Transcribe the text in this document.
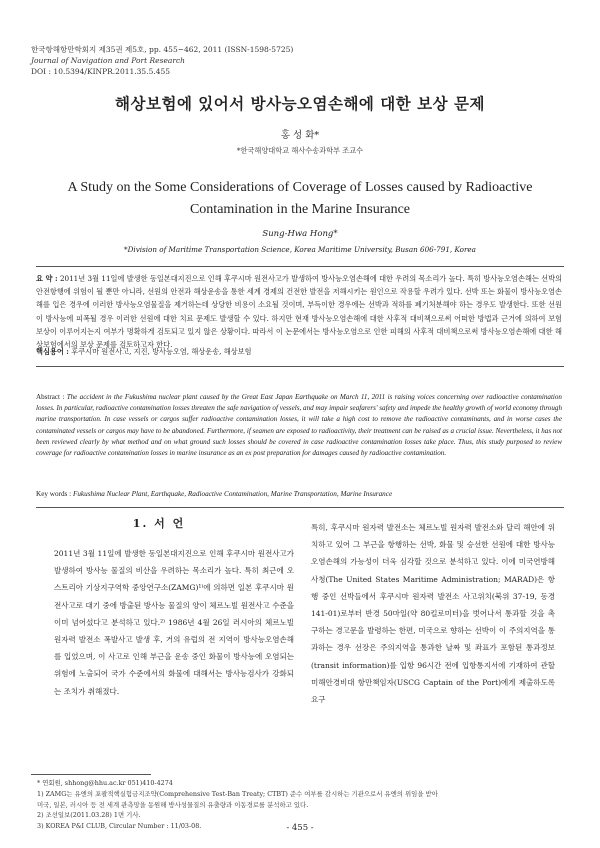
한국항해항만학회지 제35권 제5호, pp. 455~462, 2011 (ISSN-1598-5725)
Journal of Navigation and Port Research
DOI : 10.5394/KINPR.2011.35.5.455
해상보험에 있어서 방사능오염손해에 대한 보상 문제
홍 성 화*
*한국해양대학교 해사수송과학부 조교수
A Study on the Some Considerations of Coverage of Losses caused by Radioactive Contamination in the Marine Insurance
Sung-Hwa Hong*
*Division of Maritime Transportation Science, Korea Maritime University, Busan 606-791, Korea
요 약 : 2011년 3월 11일에 발생한 동일본대지진으로 인해 후쿠시마 원전사고가 발생하여 방사능오염손해에 대한 우려의 목소리가 높다. 특히 방사능오염손해는 선박의 안전항행에 위험이 될 뿐만 아니라, 선원의 안전과 해상운송을 통한 세계 경제의 건전한 발전을 저해시키는 원인으로 작용할 우려가 있다. 선박 또는 화물이 방사능오염손해를 입은 경우에 이러한 방사능오염물질을 제거하는데 상당한 비용이 소요될 것이며, 부득이한 경우에는 선박과 적하를 폐기처분해야 하는 경우도 발생한다. 또한 선원이 방사능에 피폭될 경우 이러한 선원에 대한 치료 문제도 발생할 수 있다. 하지만 현재 방사능오염손해에 대한 사후적 대비책으로써 어떠한 방법과 근거에 의하여 보험 보상이 이루어지는지 여부가 명확하게 검토되고 있지 않은 상황이다. 따라서 이 논문에서는 방사능오염으로 인한 피해의 사후적 대비책으로써 방사능오염손해에 대한 해상보험에서의 보상 문제를 검토하고자 한다.
핵심용어 : 후쿠시마 원전사고, 지진, 방사능오염, 해상운송, 해상보험
Abstract : The accident in the Fukushima nuclear plant caused by the Great East Japan Earthquake on March 11, 2011 is raising voices concerning over radioactive contamination losses. In particular, radioactive contamination losses threaten the safe navigation of vessels, and may impair seafarers' safety and impede the healthy growth of world economy through marine transportation. In case vessels or cargos suffer radioactive contamination losses, it will take a high cost to remove the radioactive contaminants, and in worse cases the contaminated vessels or cargos may have to be abandoned. Furthermore, if seamen are exposed to radioactivity, their treatment can be raised as a crucial issue. Nevertheless, it has not been reviewed clearly by what method and on what ground such losses should be covered in case radioactive contamination losses take place. Thus, this study purposed to review coverage for radioactive contamination losses in marine insurance as an ex post preparation for damages caused by radioactive contamination.
Key words : Fukushima Nuclear Plant, Earthquake, Radioactive Contamination, Marine Transportation, Marine Insurance
1. 서 언
2011년 3월 11일에 발생한 동일본대지진으로 인해 후쿠시마 원전사고가 발생하여 방사능 물질의 비산을 우려하는 목소리가 높다. 특히 최근에 오스트리아 기상지구역학 중앙연구소(ZAMG)¹⁾에 의하면 일본 후쿠시마 원전사고로 대기 중에 방출된 방사능 물질의 양이 체르노빌 원전사고 수준을 이미 넘어섰다고 분석하고 있다.²⁾ 1986년 4월 26일 러시아의 체르노빌 원자력 발전소 폭발사고 발생 후, 거의 유럽의 전 지역이 방사능오염손해를 입었으며, 이 사고로 인해 부근을 운송 중인 화물이 방사능에 오염되는 위험에 노출되어 국가 수준에서의 화물에 대해서는 방사능검사가 강화되는 조치가 취해졌다.
특히, 후쿠시마 원자력 발전소는 체르노빌 원자력 발전소와 달리 해안에 위치하고 있어 그 부근을 항행하는 선박, 화물 및 승선한 선원에 대한 방사능오염손해의 가능성이 더욱 심각할 것으로 분석하고 있다. 이에 미국연방해사청(The United States Maritime Administration; MARAD)은 항행 중인 선박들에서 후쿠시마 원자력 발전소 사고위치(북위 37-19, 동경 141-01)로부터 반경 50마일(약 80킬로미터)을 벗어나서 통과할 것을 촉구하는 경고문을 발령하는 한편, 미국으로 향하는 선박이 이 주의지역을 통과하는 경우 선장은 주의지역을 통과한 날짜 및 좌표가 포함된 통과정보(transit information)를 입항 96시간 전에 입항통지서에 기재하여 관할 미해안경비대 항만책임자(USCG Captain of the Port)에게 제출하도록 요구
* 연회원, shhong@hhu.ac.kr 051)410-4274
1) ZAMG는 유엔의 포괄적핵실험금지조약(Comprehensive Test-Ban Treaty; CTBT) 준수 여부를 감시하는 기관으로서 유엔의 위임을 받아
미국, 일본, 러시아 등 전 세계 관측망을 동원해 방사성물질의 유출량과 이동경로를 분석하고 있다.
2) 조선일보(2011.03.28) 1면 기사.
3) KOREA P&I CLUB, Circular Number : 11/03-08.	- 455 -
